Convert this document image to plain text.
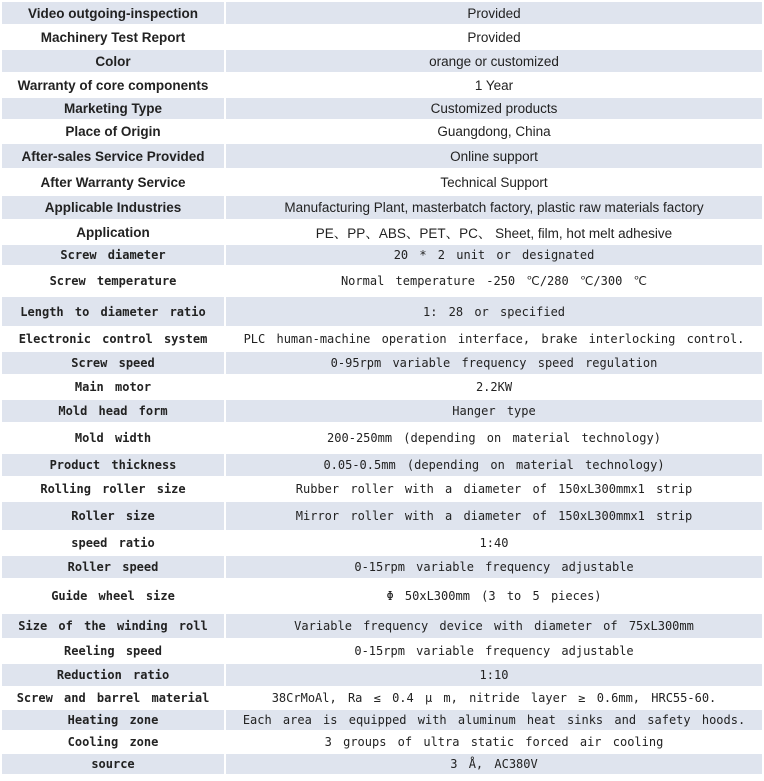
Video outgoing-inspection	Provided
Machinery Test Report	Provided
Color	orange or customized
Warranty of core components	1 Year
Marketing Type	Customized products
Place of Origin	Guangdong, China
After-sales Service Provided	Online support
After Warranty Service	Technical Support
Applicable Industries	Manufacturing Plant, masterbatch factory, plastic raw materials factory
Application	PE、PP、ABS、PET、PC、 Sheet, film, hot melt adhesive
Screw diameter	20 * 2 unit or designated
Screw temperature	Normal temperature -250 ℃/280 ℃/300 ℃
Length to diameter ratio	1: 28 or specified
Electronic control system	PLC human-machine operation interface, brake interlocking control.
Screw speed	0-95rpm variable frequency speed regulation
Main motor	2.2KW
Mold head form	Hanger type
Mold width	200-250mm (depending on material technology)
Product thickness	0.05-0.5mm (depending on material technology)
Rolling roller size	Rubber roller with a diameter of 150xL300mmx1 strip
Roller size	Mirror roller with a diameter of 150xL300mmx1 strip
speed ratio	1:40
Roller speed	0-15rpm variable frequency adjustable
Guide wheel size	Φ 50xL300mm (3 to 5 pieces)
Size of the winding roll	Variable frequency device with diameter of 75xL300mm
Reeling speed	0-15rpm variable frequency adjustable
Reduction ratio	1:10
Screw and barrel material	38CrMoAl, Ra ≤ 0.4 μ m, nitride layer ≥ 0.6mm, HRC55-60.
Heating zone	Each area is equipped with aluminum heat sinks and safety hoods.
Cooling zone	3 groups of ultra static forced air cooling
source	3 Å, AC380V
